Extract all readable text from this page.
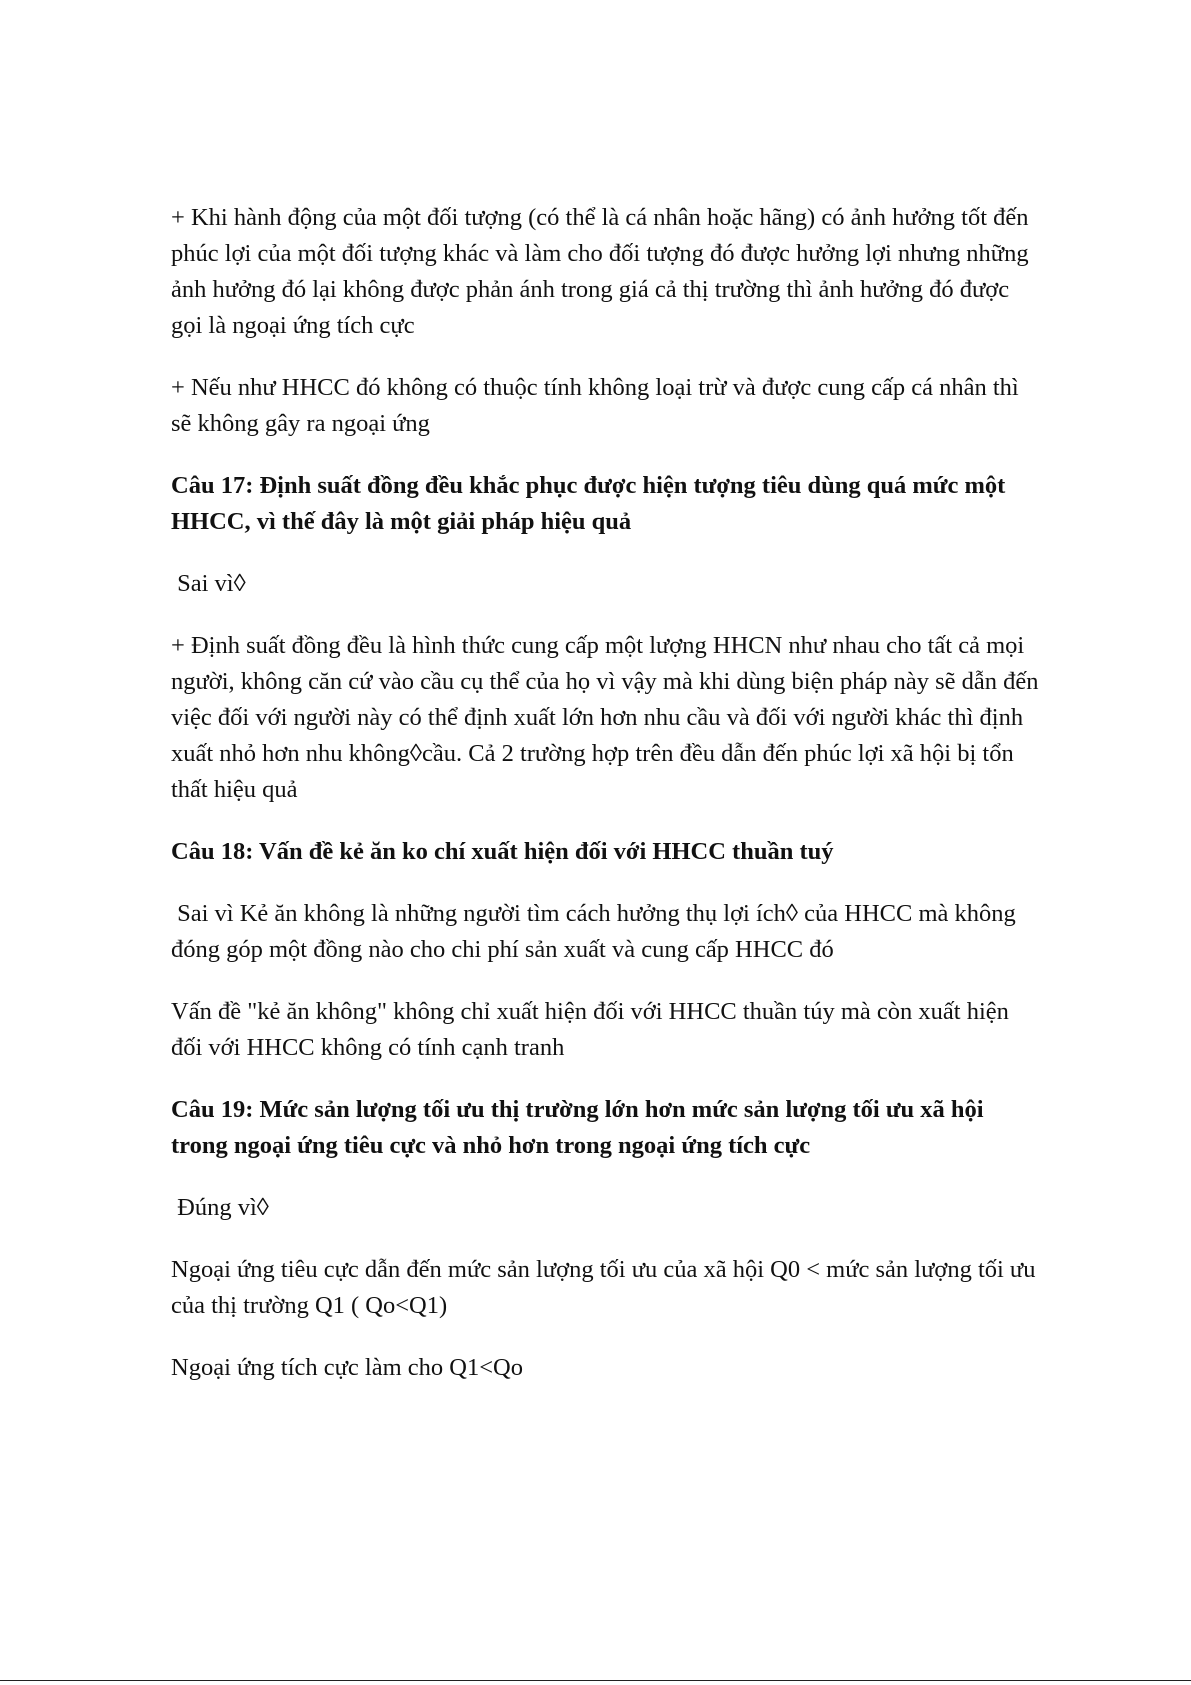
+ Khi hành động của một đối tượng (có thể là cá nhân hoặc hãng) có ảnh hưởng tốt đến phúc lợi của một đối tượng khác và làm cho đối tượng đó được hưởng lợi nhưng những ảnh hưởng đó lại không được phản ánh trong giá cả thị trường thì ảnh hưởng đó được gọi là ngoại ứng tích cực

+ Nếu như HHCC đó không có thuộc tính không loại trừ và được cung cấp cá nhân thì sẽ không gây ra ngoại ứng

Câu 17: Định suất đồng đều khắc phục được hiện tượng tiêu dùng quá mức một HHCC, vì thế đây là một giải pháp hiệu quả

Sai vì◊

+ Định suất đồng đều là hình thức cung cấp một lượng HHCN như nhau cho tất cả mọi người, không căn cứ vào cầu cụ thể của họ vì vậy mà khi dùng biện pháp này sẽ dẫn đến việc đối với người này có thể định xuất lớn hơn nhu cầu và đối với người khác thì định xuất nhỏ hơn nhu không◊cầu. Cả 2 trường hợp trên đều dẫn đến phúc lợi xã hội bị tổn thất hiệu quả

Câu 18: Vấn đề kẻ ăn ko chí xuất hiện đối với HHCC thuần tuý

Sai vì Kẻ ăn không là những người tìm cách hưởng thụ lợi ích◊ của HHCC mà không đóng góp một đồng nào cho chi phí sản xuất và cung cấp HHCC đó

Vấn đề "kẻ ăn không" không chỉ xuất hiện đối với HHCC thuần túy mà còn xuất hiện đối với HHCC không có tính cạnh tranh

Câu 19: Mức sản lượng tối ưu thị trường lớn hơn mức sản lượng tối ưu xã hội trong ngoại ứng tiêu cực và nhỏ hơn trong ngoại ứng tích cực

Đúng vì◊

Ngoại ứng tiêu cực dẫn đến mức sản lượng tối ưu của xã hội Q0 < mức sản lượng tối ưu của thị trường Q1 ( Qo<Q1)

Ngoại ứng tích cực làm cho Q1<Qo
